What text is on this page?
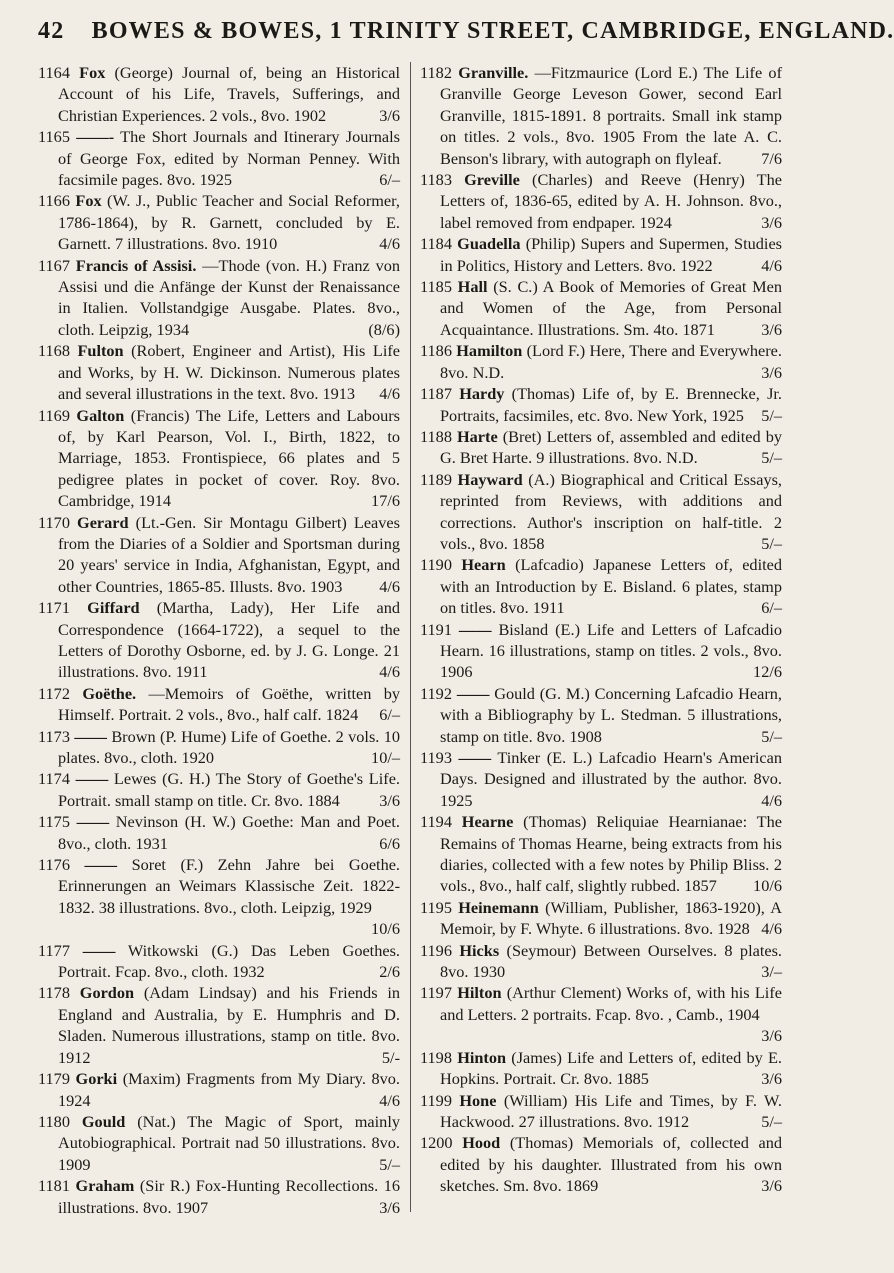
42 BOWES & BOWES, 1 TRINITY STREET, CAMBRIDGE, ENGLAND.

1164 Fox (George) Journal of, being an Historical Account of his Life, Travels, Sufferings, and Christian Experiences. 2 vols., 8vo. 1902	3/6

1165 ——- The Short Journals and Itinerary Journals of George Fox, edited by Norman Penney. With facsimile pages. 8vo. 1925	6/–

1166 Fox (W. J., Public Teacher and Social Reformer, 1786-1864), by R. Garnett, concluded by E. Garnett. 7 illustrations. 8vo. 1910	4/6

1167 Francis of Assisi. —Thode (von. H.) Franz von Assisi und die Anfänge der Kunst der Renaissance in Italien. Vollstandgige Ausgabe. Plates. 8vo., cloth. Leipzig, 1934	(8/6)

1168 Fulton (Robert, Engineer and Artist), His Life and Works, by H. W. Dickinson. Numerous plates and several illustrations in the text. 8vo. 1913 4/6

1169 Galton (Francis) The Life, Letters and Labours of, by Karl Pearson, Vol. I., Birth, 1822, to Marriage, 1853. Frontispiece, 66 plates and 5 pedigree plates in pocket of cover. Roy. 8vo. Cambridge, 1914	17/6

1170 Gerard (Lt.-Gen. Sir Montagu Gilbert) Leaves from the Diaries of a Soldier and Sportsman during 20 years' service in India, Afghanistan, Egypt, and other Countries, 1865-85. Illusts. 8vo. 1903 4/6

1171 Giffard (Martha, Lady), Her Life and Correspondence (1664-1722), a sequel to the Letters of Dorothy Osborne, ed. by J. G. Longe. 21 illustrations. 8vo. 1911	4/6

1172 Goëthe. —Memoirs of Goëthe, written by Himself. Portrait. 2 vols., 8vo., half calf. 1824 6/–

1173 —— Brown (P. Hume) Life of Goethe. 2 vols. 10 plates. 8vo., cloth. 1920	10/–

1174 —— Lewes (G. H.) The Story of Goethe's Life. Portrait. small stamp on title. Cr. 8vo. 1884 3/6

1175 —— Nevinson (H. W.) Goethe: Man and Poet. 8vo., cloth. 1931	6/6

1176 —— Soret (F.) Zehn Jahre bei Goethe. Erinnerungen an Weimars Klassische Zeit. 1822-1832. 38 illustrations. 8vo., cloth. Leipzig, 1929
10/6

1177 —— Witkowski (G.) Das Leben Goethes. Portrait. Fcap. 8vo., cloth. 1932	2/6

1178 Gordon (Adam Lindsay) and his Friends in England and Australia, by E. Humphris and D. Sladen. Numerous illustrations, stamp on title. 8vo. 1912	5/-

1179 Gorki (Maxim) Fragments from My Diary. 8vo. 1924	4/6

1180 Gould (Nat.) The Magic of Sport, mainly Autobiographical. Portrait nad 50 illustrations. 8vo. 1909	5/–

1181 Graham (Sir R.) Fox-Hunting Recollections. 16 illustrations. 8vo. 1907	3/6

1182 Granville. —Fitzmaurice (Lord E.) The Life of Granville George Leveson Gower, second Earl Granville, 1815-1891. 8 portraits. Small ink stamp on titles. 2 vols., 8vo. 1905 From the late A. C. Benson's library, with autograph on flyleaf. 7/6

1183 Greville (Charles) and Reeve (Henry) The Letters of, 1836-65, edited by A. H. Johnson. 8vo., label removed from endpaper. 1924	3/6

1184 Guadella (Philip) Supers and Supermen, Studies in Politics, History and Letters. 8vo. 1922	4/6

1185 Hall (S. C.) A Book of Memories of Great Men and Women of the Age, from Personal Acquaintance. Illustrations. Sm. 4to. 1871	3/6

1186 Hamilton (Lord F.) Here, There and Everywhere. 8vo. N.D.	3/6

1187 Hardy (Thomas) Life of, by E. Brennecke, Jr. Portraits, facsimiles, etc. 8vo. New York, 1925 5/–

1188 Harte (Bret) Letters of, assembled and edited by G. Bret Harte. 9 illustrations. 8vo. N.D.	5/–

1189 Hayward (A.) Biographical and Critical Essays, reprinted from Reviews, with additions and corrections. Author's inscription on half-title. 2 vols., 8vo. 1858	5/–

1190 Hearn (Lafcadio) Japanese Letters of, edited with an Introduction by E. Bisland. 6 plates, stamp on titles. 8vo. 1911	6/–

1191 —— Bisland (E.) Life and Letters of Lafcadio Hearn. 16 illustrations, stamp on titles. 2 vols., 8vo. 1906	12/6

1192 —— Gould (G. M.) Concerning Lafcadio Hearn, with a Bibliography by L. Stedman. 5 illustrations, stamp on title. 8vo. 1908	5/–

1193 —— Tinker (E. L.) Lafcadio Hearn's American Days. Designed and illustrated by the author. 8vo. 1925	4/6

1194 Hearne (Thomas) Reliquiae Hearnianae: The Remains of Thomas Hearne, being extracts from his diaries, collected with a few notes by Philip Bliss. 2 vols., 8vo., half calf, slightly rubbed. 1857 10/6

1195 Heinemann (William, Publisher, 1863-1920), A Memoir, by F. Whyte. 6 illustrations. 8vo. 1928 4/6

1196 Hicks (Seymour) Between Ourselves. 8 plates. 8vo. 1930	3/–

1197 Hilton (Arthur Clement) Works of, with his Life and Letters. 2 portraits. Fcap. 8vo. , Camb., 1904
3/6

1198 Hinton (James) Life and Letters of, edited by E. Hopkins. Portrait. Cr. 8vo. 1885	3/6

1199 Hone (William) His Life and Times, by F. W. Hackwood. 27 illustrations. 8vo. 1912	5/–

1200 Hood (Thomas) Memorials of, collected and edited by his daughter. Illustrated from his own sketches. Sm. 8vo. 1869	3/6
